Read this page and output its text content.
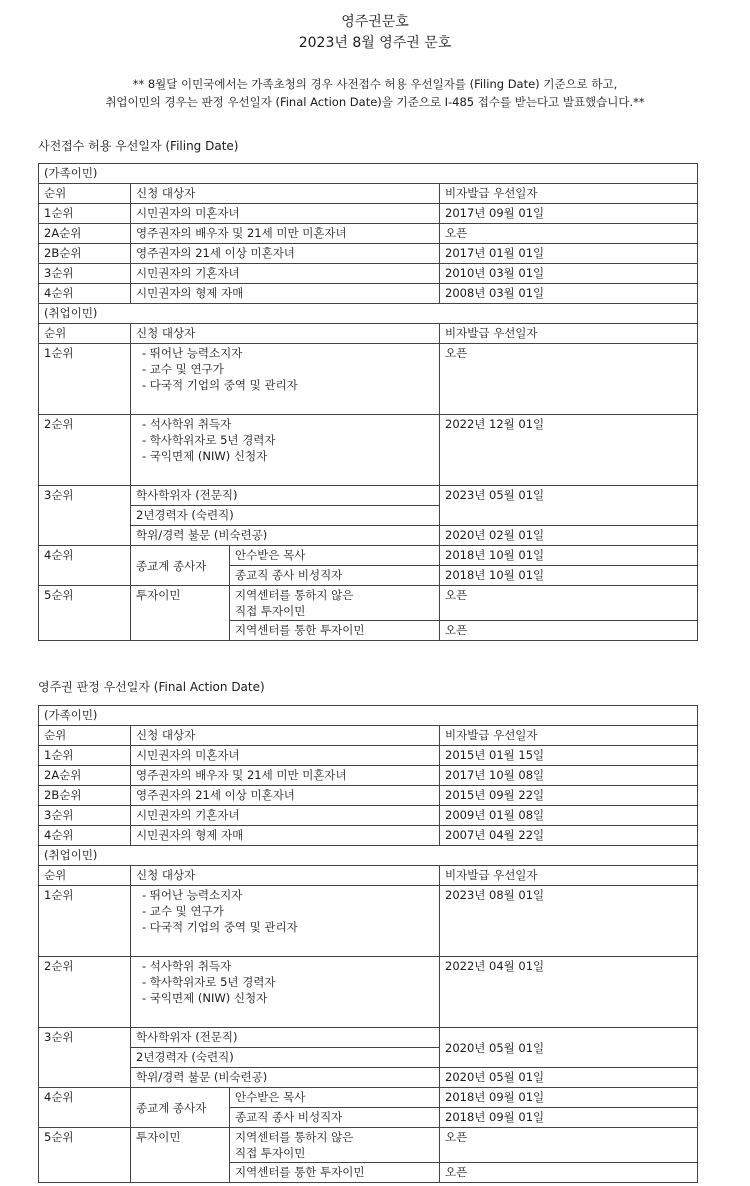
영주권문호
2023년 8월 영주권 문호
** 8월달 이민국에서는 가족초청의 경우 사전접수 허용 우선일자를 (Filing Date) 기준으로 하고,
취업이민의 경우는 판정 우선일자 (Final Action Date)을 기준으로 I-485 접수를 받는다고 발표했습니다.**
사전접수 허용 우선일자 (Filing Date)
(가족이민)			
순위	신청 대상자		비자발급 우선일자
1순위	시민권자의 미혼자녀		2017년 09월 01일
2A순위	영주권자의 배우자 및 21세 미만 미혼자녀		오픈
2B순위	영주권자의 21세 이상 미혼자녀		2017년 01월 01일
3순위	시민권자의 기혼자녀		2010년 03월 01일
4순위	시민권자의 형제 자매		2008년 03월 01일
(취업이민)			
순위	신청 대상자		비자발급 우선일자
1순위	- 뛰어난 능력소지자
- 교수 및 연구가
- 다국적 기업의 중역 및 관리자		오픈
2순위	- 석사학위 취득자
- 학사학위자로 5년 경력자
- 국익면제 (NIW) 신청자		2022년 12월 01일
3순위	학사학위자 (전문직)		2023년 05월 01일
	2년경력자 (숙련직)		
	학위/경력 불문 (비숙련공)		2020년 02월 01일
4순위	종교계 종사자	안수받은 목사	2018년 10월 01일
		종교직 종사 비성직자	2018년 10월 01일
5순위	투자이민	지역센터를 통하지 않은
직접 투자이민	오픈
		지역센터를 통한 투자이민	오픈
영주권 판정 우선일자 (Final Action Date)
(가족이민)			
순위	신청 대상자		비자발급 우선일자
1순위	시민권자의 미혼자녀		2015년 01월 15일
2A순위	영주권자의 배우자 및 21세 미만 미혼자녀		2017년 10월 08일
2B순위	영주권자의 21세 이상 미혼자녀		2015년 09월 22일
3순위	시민권자의 기혼자녀		2009년 01월 08일
4순위	시민권자의 형제 자매		2007년 04월 22일
(취업이민)			
순위	신청 대상자		비자발급 우선일자
1순위	- 뛰어난 능력소지자
- 교수 및 연구가
- 다국적 기업의 중역 및 관리자		2023년 08월 01일
2순위	- 석사학위 취득자
- 학사학위자로 5년 경력자
- 국익면제 (NIW) 신청자		2022년 04월 01일
3순위	학사학위자 (전문직)		2020년 05월 01일
	2년경력자 (숙련직)		
	학위/경력 불문 (비숙련공)		2020년 05월 01일
4순위	종교계 종사자	안수받은 목사	2018년 09월 01일
		종교직 종사 비성직자	2018년 09월 01일
5순위	투자이민	지역센터를 통하지 않은
직접 투자이민	오픈
		지역센터를 통한 투자이민	오픈
